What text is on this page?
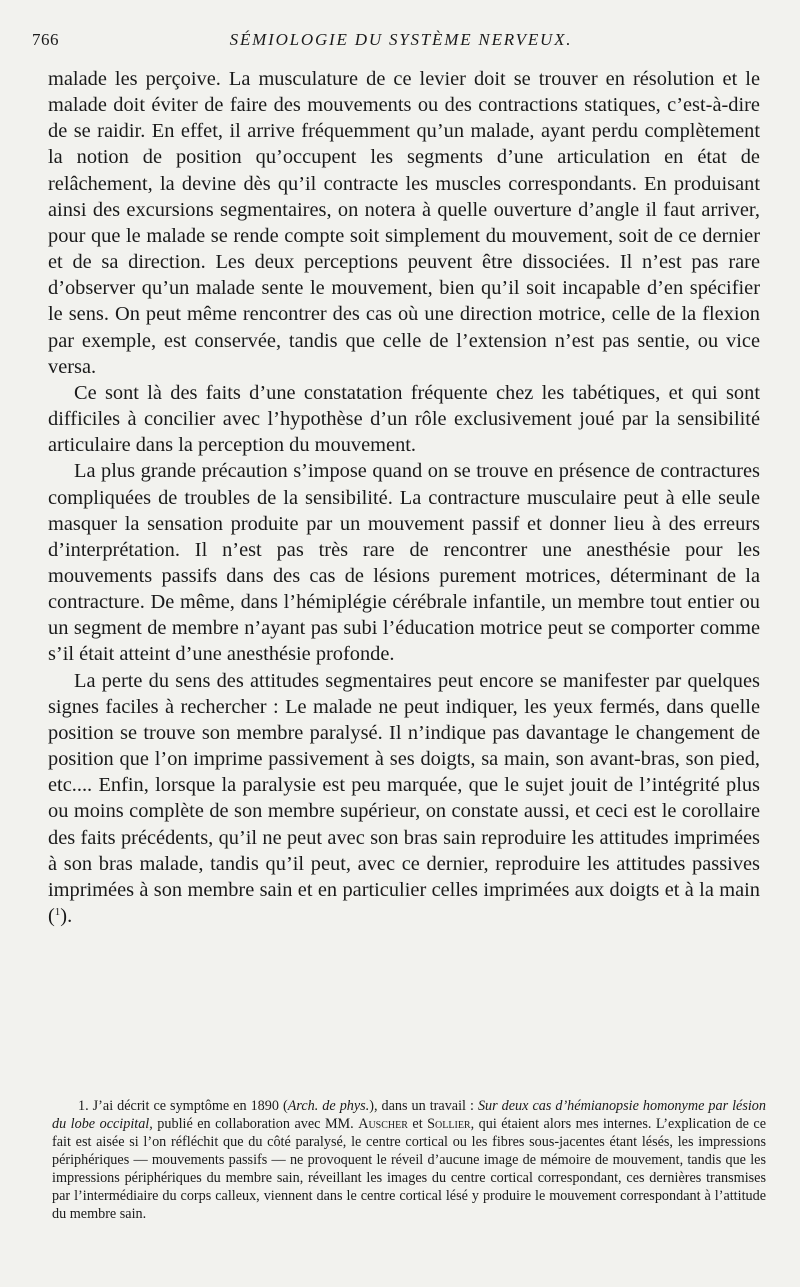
766	SÉMIOLOGIE DU SYSTÈME NERVEUX.

malade les perçoive. La musculature de ce levier doit se trouver en résolution et le malade doit éviter de faire des mouvements ou des contractions statiques, c’est-à-dire de se raidir. En effet, il arrive fréquemment qu’un malade, ayant perdu complètement la notion de position qu’occupent les segments d’une articulation en état de relâchement, la devine dès qu’il contracte les muscles correspondants. En produisant ainsi des excursions segmentaires, on notera à quelle ouverture d’angle il faut arriver, pour que le malade se rende compte soit simplement du mouvement, soit de ce dernier et de sa direction. Les deux perceptions peuvent être dissociées. Il n’est pas rare d’observer qu’un malade sente le mouvement, bien qu’il soit incapable d’en spécifier le sens. On peut même rencontrer des cas où une direction motrice, celle de la flexion par exemple, est conservée, tandis que celle de l’extension n’est pas sentie, ou vice versa.

Ce sont là des faits d’une constatation fréquente chez les tabétiques, et qui sont difficiles à concilier avec l’hypothèse d’un rôle exclusivement joué par la sensibilité articulaire dans la perception du mouvement.

La plus grande précaution s’impose quand on se trouve en présence de contractures compliquées de troubles de la sensibilité. La contracture musculaire peut à elle seule masquer la sensation produite par un mouvement passif et donner lieu à des erreurs d’interprétation. Il n’est pas très rare de rencontrer une anesthésie pour les mouvements passifs dans des cas de lésions purement motrices, déterminant de la contracture. De même, dans l’hémiplégie cérébrale infantile, un membre tout entier ou un segment de membre n’ayant pas subi l’éducation motrice peut se comporter comme s’il était atteint d’une anesthésie profonde.

La perte du sens des attitudes segmentaires peut encore se manifester par quelques signes faciles à rechercher : Le malade ne peut indiquer, les yeux fermés, dans quelle position se trouve son membre paralysé. Il n’indique pas davantage le changement de position que l’on imprime passivement à ses doigts, sa main, son avant-bras, son pied, etc.... Enfin, lorsque la paralysie est peu marquée, que le sujet jouit de l’intégrité plus ou moins complète de son membre supérieur, on constate aussi, et ceci est le corollaire des faits précédents, qu’il ne peut avec son bras sain reproduire les attitudes imprimées à son bras malade, tandis qu’il peut, avec ce dernier, reproduire les attitudes passives imprimées à son membre sain et en particulier celles imprimées aux doigts et à la main ($^1$).

1. J’ai décrit ce symptôme en 1890 (Arch. de phys.), dans un travail : Sur deux cas d’hémianopsie homonyme par lésion du lobe occipital, publié en collaboration avec MM. Auscher et Sollier, qui étaient alors mes internes. L’explication de ce fait est aisée si l’on réfléchit que du côté paralysé, le centre cortical ou les fibres sous-jacentes étant lésés, les impressions périphériques — mouvements passifs — ne provoquent le réveil d’aucune image de mémoire de mouvement, tandis que les impressions périphériques du membre sain, réveillant les images du centre cortical correspondant, ces dernières transmises par l’intermédiaire du corps calleux, viennent dans le centre cortical lésé y produire le mouvement correspondant à l’attitude du membre sain.
